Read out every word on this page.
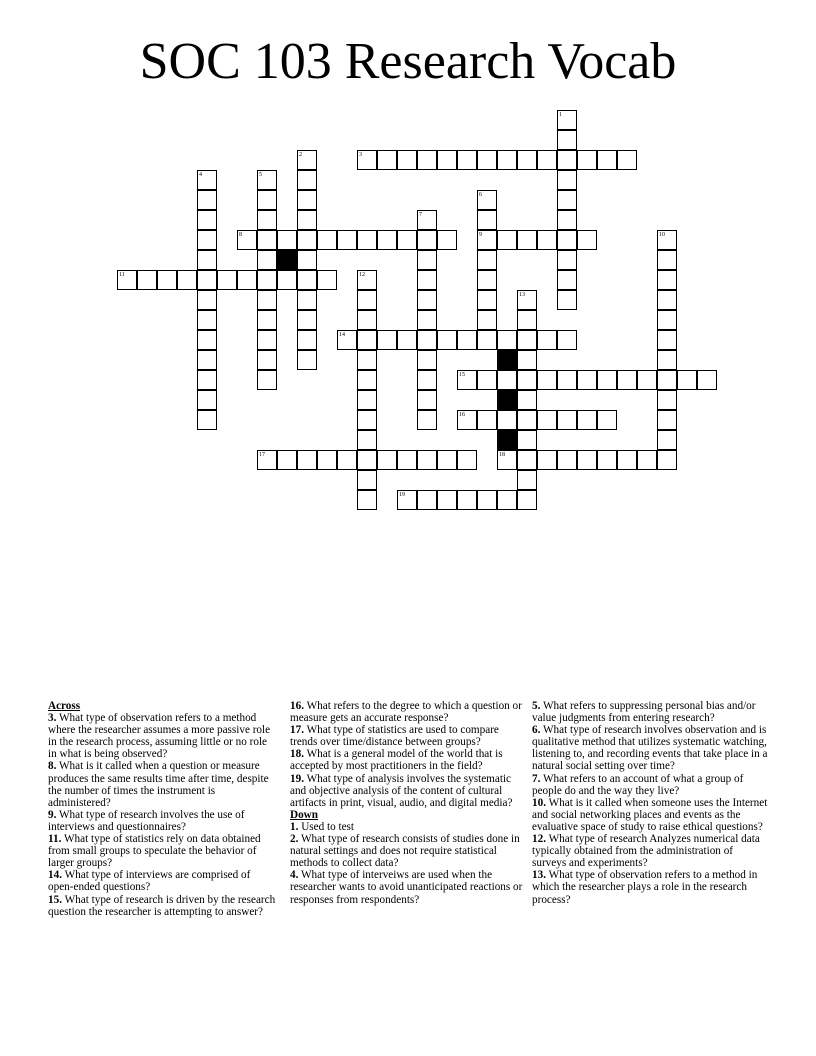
SOC 103 Research Vocab
1
2	3
4	5
6
9
7
8	10
11	12
13
14
15
16
17	18
19

Across

3. What type of observation refers to a method where the researcher assumes a more passive role in the research process, assuming little or no role in what is being observed?

8. What is it called when a question or measure produces the same results time after time, despite the number of times the instrument is administered?

9. What type of research involves the use of interviews and questionnaires?

11. What type of statistics rely on data obtained from small groups to speculate the behavior of larger groups?

14. What type of interviews are comprised of open-ended questions?

15. What type of research is driven by the research question the researcher is attempting to answer?

16. What refers to the degree to which a question or measure gets an accurate response?

17. What type of statistics are used to compare trends over time/distance between groups?

18. What is a general model of the world that is accepted by most practitioners in the field?

19. What type of analysis involves the systematic and objective analysis of the content of cultural artifacts in print, visual, audio, and digital media?

Down

1. Used to test

2. What type of research consists of studies done in natural settings and does not require statistical methods to collect data?

4. What type of interveiws are used when the researcher wants to avoid unanticipated reactions or responses from respondents?

5. What refers to suppressing personal bias and/or value judgments from entering research?

6. What type of research involves observation and is qualitative method that utilizes systematic watching, listening to, and recording events that take place in a natural social setting over time?

7. What refers to an account of what a group of people do and the way they live?

10. What is it called when someone uses the Internet and social networking places and events as the evaluative space of study to raise ethical questions?

12. What type of research Analyzes numerical data typically obtained from the administration of surveys and experiments?

13. What type of observation refers to a method in which the researcher plays a role in the research process?
